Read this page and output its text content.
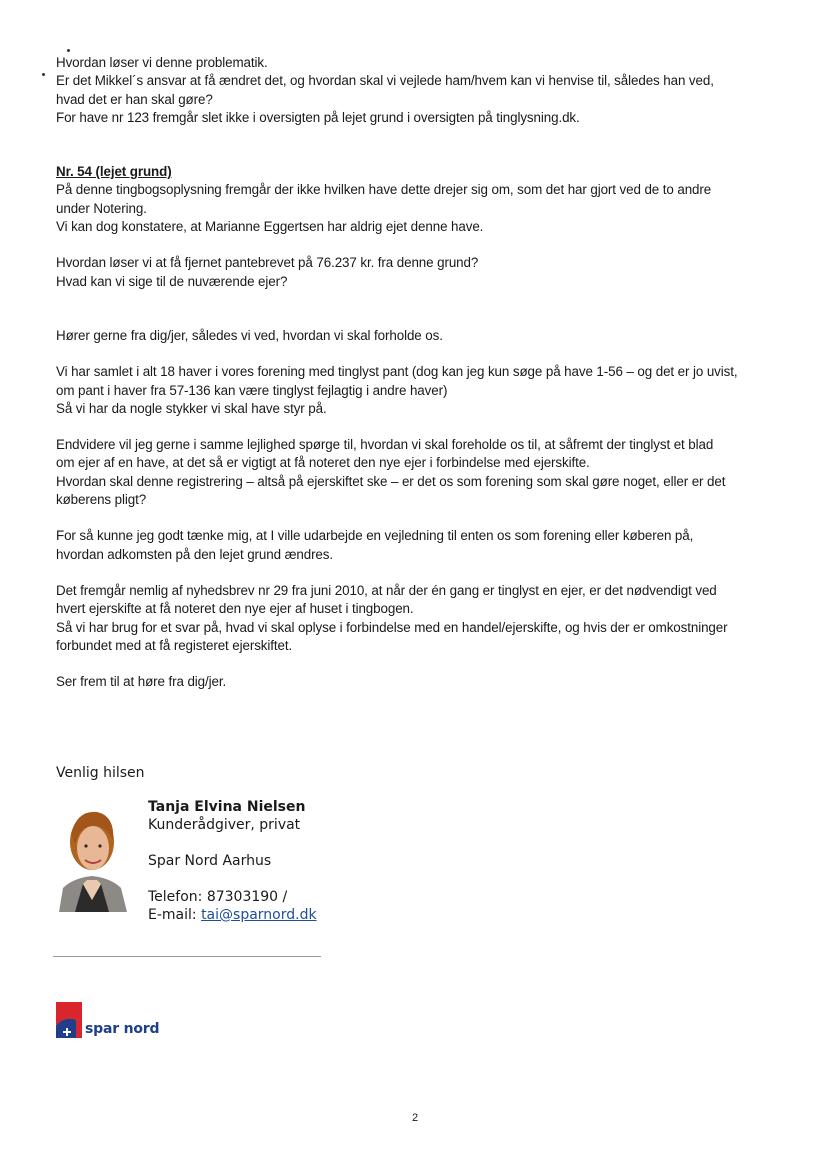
Hvordan løser vi denne problematik.
Er det Mikkel´s ansvar at få ændret det, og hvordan skal vi vejlede ham/hvem kan vi henvise til, således han ved,
hvad det er han skal gøre?
For have nr 123 fremgår slet ikke i oversigten på lejet grund i oversigten på tinglysning.dk.
Nr. 54 (lejet grund)
På denne tingbogsoplysning fremgår der ikke hvilken have dette drejer sig om, som det har gjort ved de to andre
under Notering.
Vi kan dog konstatere, at Marianne Eggertsen har aldrig ejet denne have.
Hvordan løser vi at få fjernet pantebrevet på 76.237 kr. fra denne grund?
Hvad kan vi sige til de nuværende ejer?
Hører gerne fra dig/jer, således vi ved, hvordan vi skal forholde os.
Vi har samlet i alt 18 haver i vores forening med tinglyst pant (dog kan jeg kun søge på have 1-56 – og det er jo uvist,
om pant i haver fra 57-136 kan være tinglyst fejlagtig i andre haver)
Så vi har da nogle stykker vi skal have styr på.
Endvidere vil jeg gerne i samme lejlighed spørge til, hvordan vi skal foreholde os til, at såfremt der tinglyst et blad
om ejer af en have, at det så er vigtigt at få noteret den nye ejer i forbindelse med ejerskifte.
Hvordan skal denne registrering – altså på ejerskiftet ske – er det os som forening som skal gøre noget, eller er det
køberens pligt?
For så kunne jeg godt tænke mig, at I ville udarbejde en vejledning til enten os som forening eller køberen på,
hvordan adkomsten på den lejet grund ændres.
Det fremgår nemlig af nyhedsbrev nr 29 fra juni 2010, at når der én gang er tinglyst en ejer, er det nødvendigt ved
hvert ejerskifte at få noteret den nye ejer af huset i tingbogen.
Så vi har brug for et svar på, hvad vi skal oplyse i forbindelse med en handel/ejerskifte, og hvis der er omkostninger
forbundet med at få registeret ejerskiftet.
Ser frem til at høre fra dig/jer.
Venlig hilsen
Tanja Elvina Nielsen
Kunderådgiver, privat
Spar Nord Aarhus
Telefon: 87303190 /
E-mail: tai@sparnord.dk
spar nord
2
